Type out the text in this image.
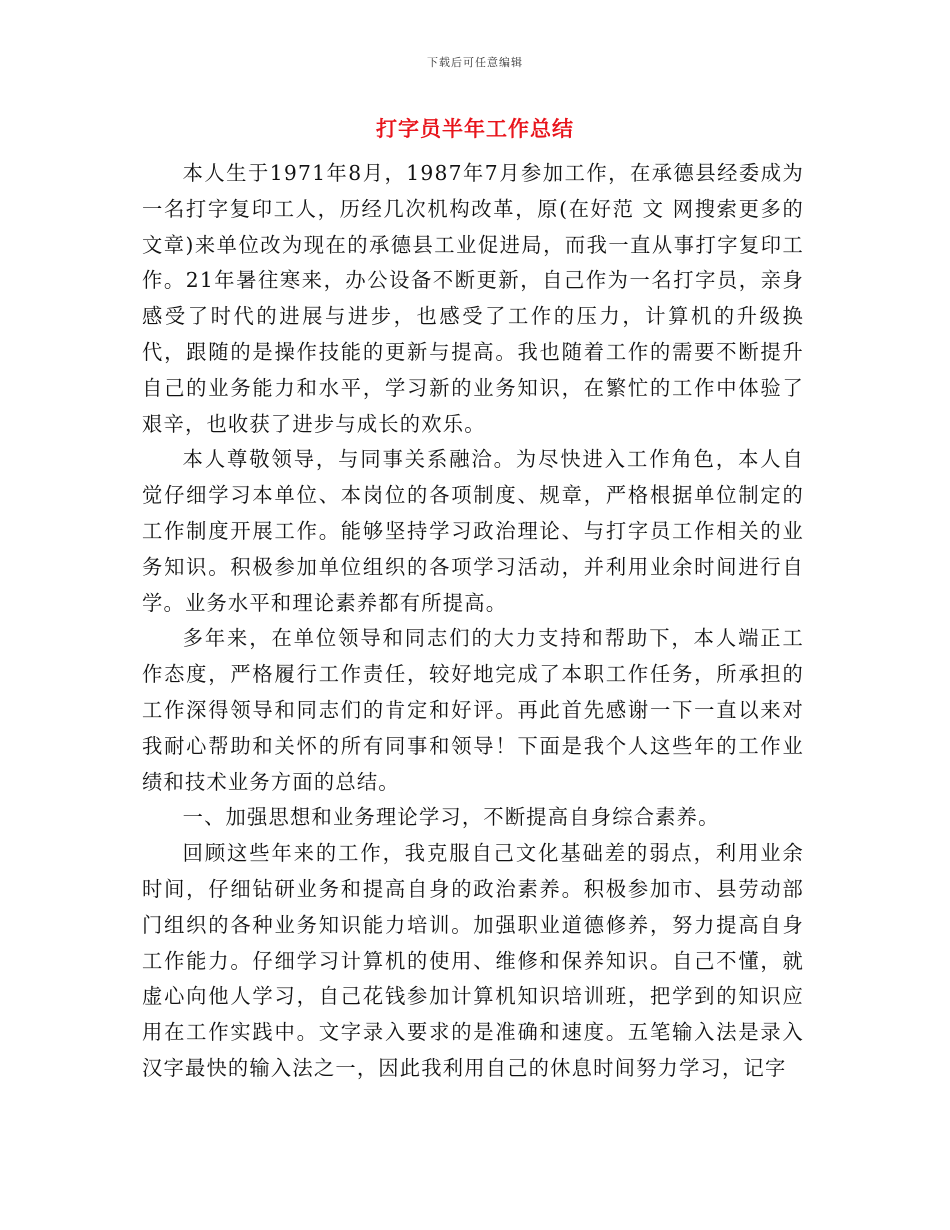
下载后可任意编辑
打字员半年工作总结

本人生于1971年8月，1987年7月参加工作，在承德县经委成为一名打字复印工人，历经几次机构改革，原(在好范 文 网搜索更多的文章)来单位改为现在的承德县工业促进局，而我一直从事打字复印工作。21年暑往寒来，办公设备不断更新，自己作为一名打字员，亲身感受了时代的进展与进步，也感受了工作的压力，计算机的升级换代，跟随的是操作技能的更新与提高。我也随着工作的需要不断提升自己的业务能力和水平，学习新的业务知识，在繁忙的工作中体验了艰辛，也收获了进步与成长的欢乐。

本人尊敬领导，与同事关系融洽。为尽快进入工作角色，本人自觉仔细学习本单位、本岗位的各项制度、规章，严格根据单位制定的工作制度开展工作。能够坚持学习政治理论、与打字员工作相关的业务知识。积极参加单位组织的各项学习活动，并利用业余时间进行自学。业务水平和理论素养都有所提高。

多年来，在单位领导和同志们的大力支持和帮助下，本人端正工作态度，严格履行工作责任，较好地完成了本职工作任务，所承担的工作深得领导和同志们的肯定和好评。再此首先感谢一下一直以来对我耐心帮助和关怀的所有同事和领导！下面是我个人这些年的工作业绩和技术业务方面的总结。

一、加强思想和业务理论学习，不断提高自身综合素养。

回顾这些年来的工作，我克服自己文化基础差的弱点，利用业余时间，仔细钻研业务和提高自身的政治素养。积极参加市、县劳动部门组织的各种业务知识能力培训。加强职业道德修养，努力提高自身工作能力。仔细学习计算机的使用、维修和保养知识。自己不懂，就虚心向他人学习，自己花钱参加计算机知识培训班，把学到的知识应用在工作实践中。文字录入要求的是准确和速度。五笔输入法是录入汉字最快的输入法之一，因此我利用自己的休息时间努力学习，记字
